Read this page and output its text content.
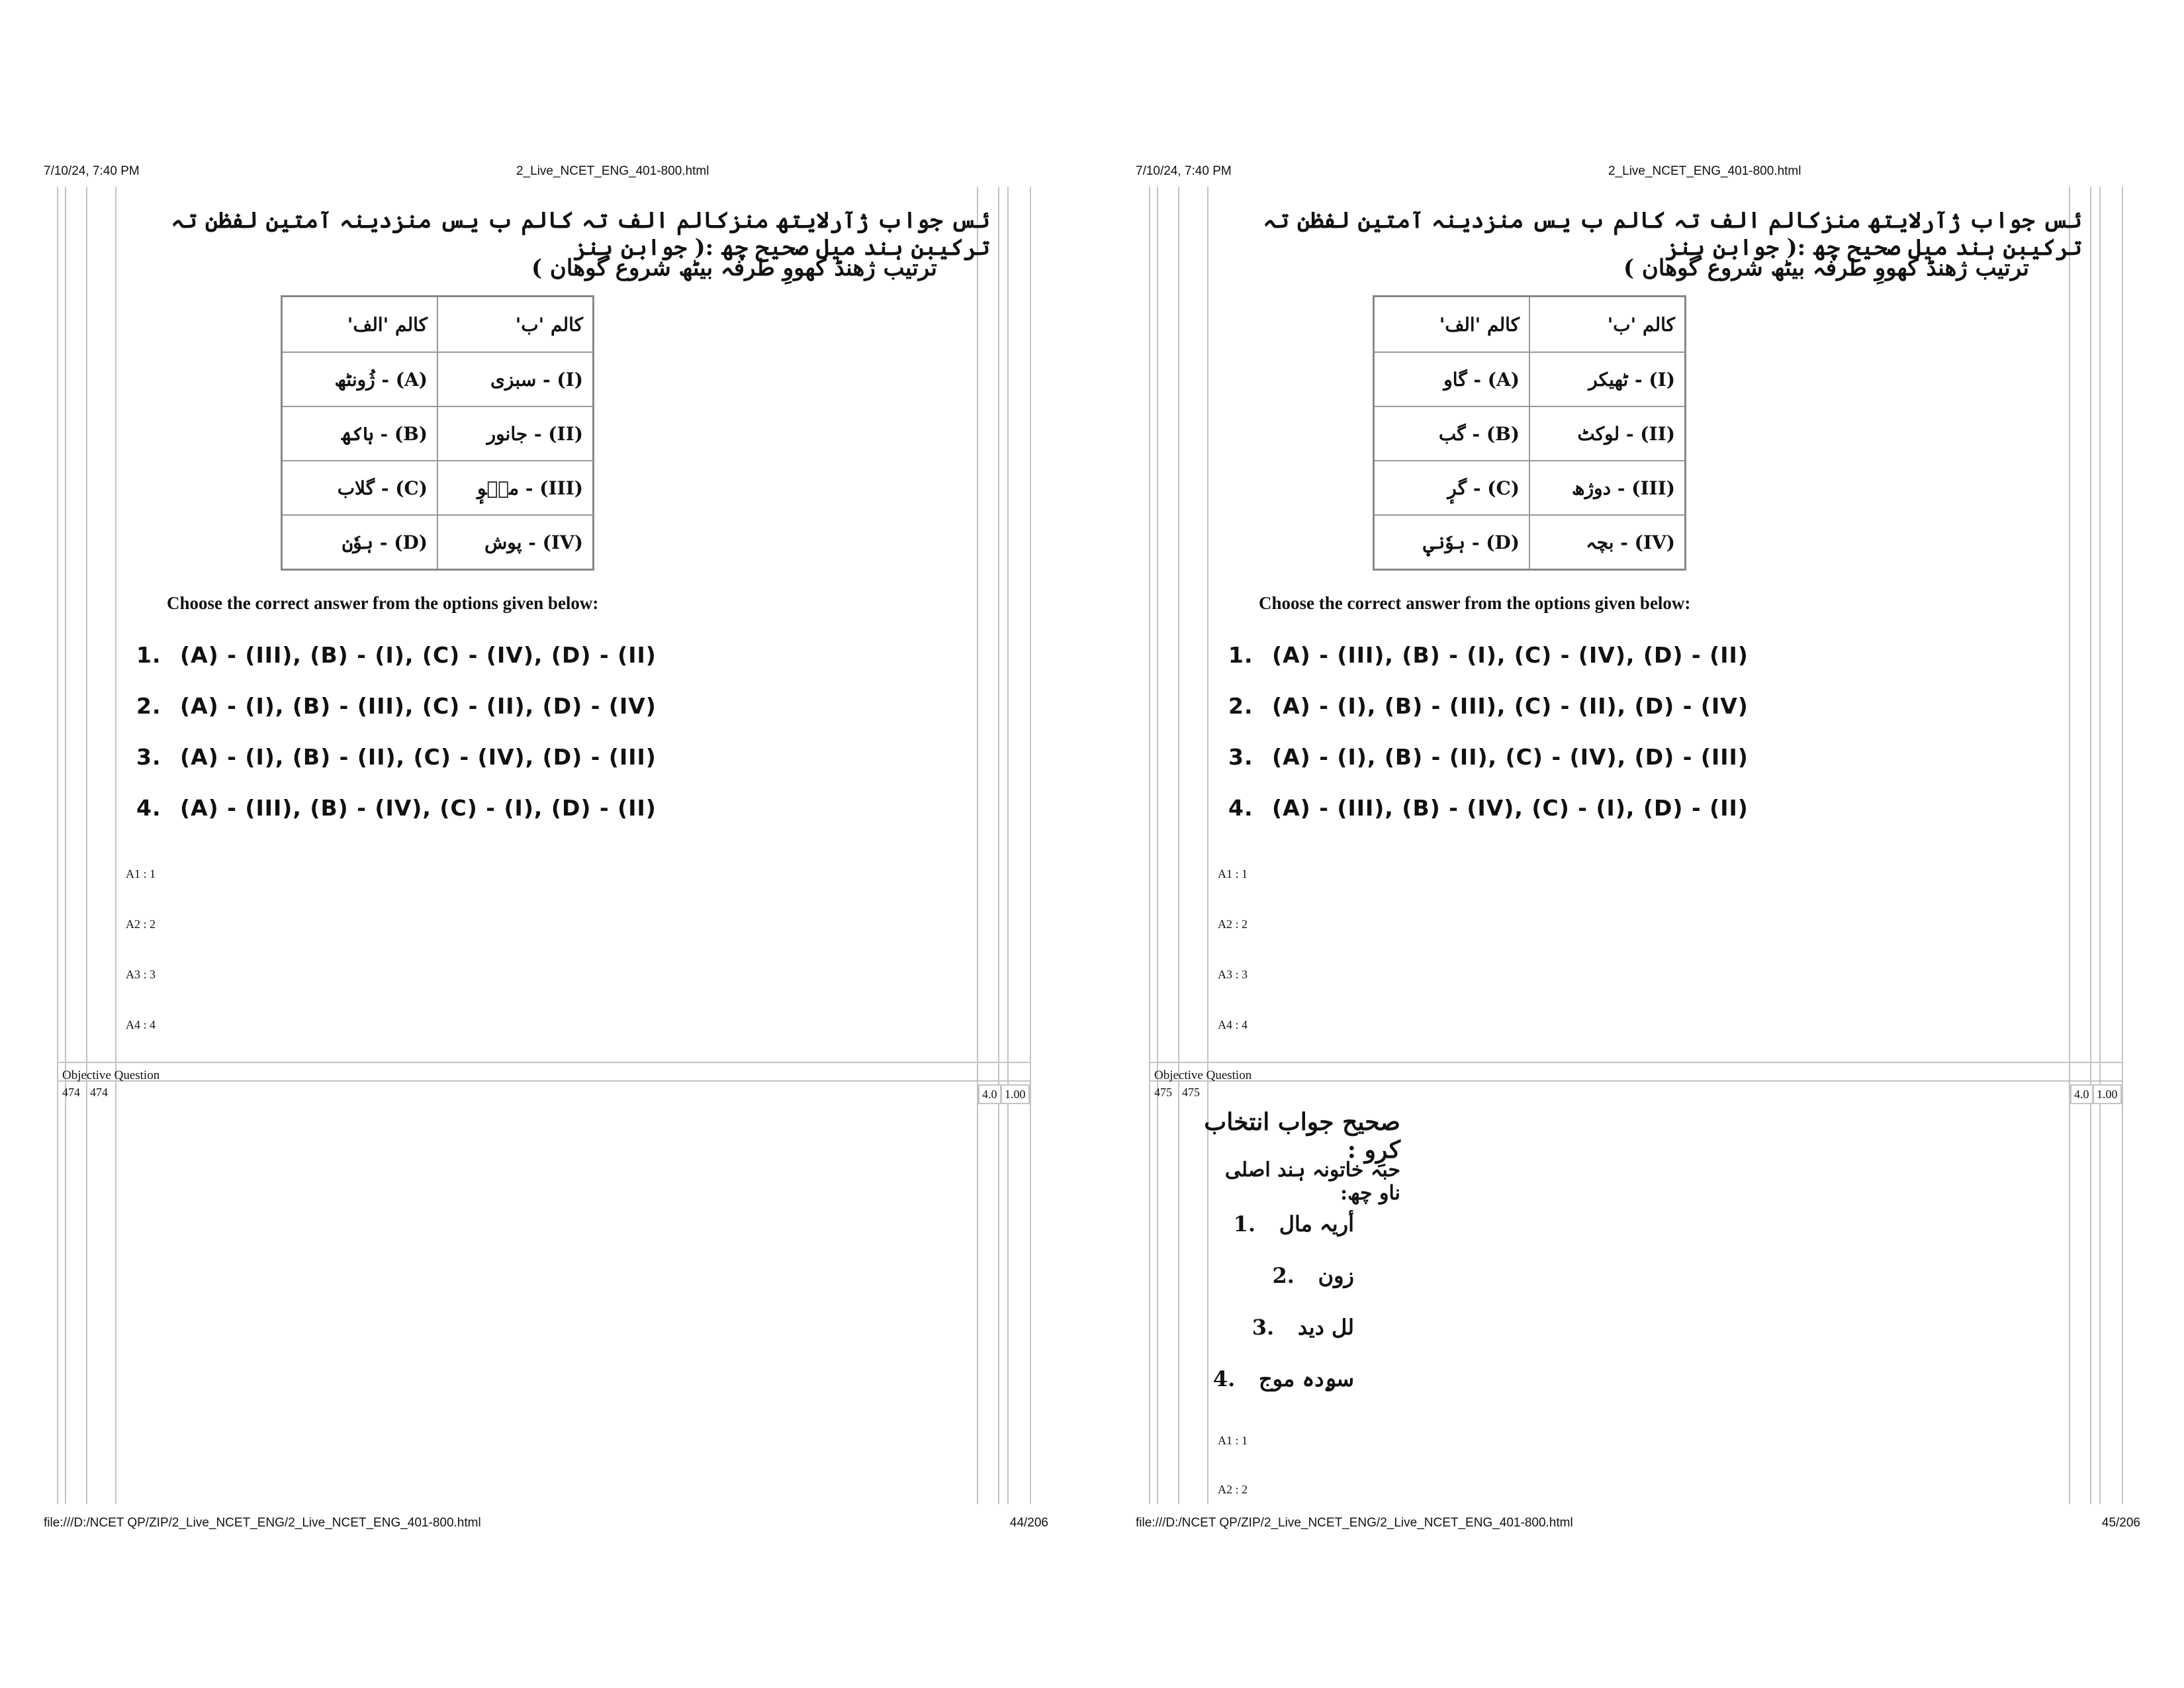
7/10/24, 7:40 PM	2_Live_NCET_ENG_401-800.html
ئس جواب ژآرلایتھ منزکالم الف تہ کالم ب یس منزدینہ آمتین لفظن تہ ترکیبن ہند میل صحیح چھ :( جوابن ہنز
ترتیب ژھنڈ کھووِ طرفہ بیٹھ شروع گوھان )
کالم 'الف'	کالم 'ب'
(A) - ژُونٹھ	(I) - سبزی
(B) - ہاکھ	(II) - جانور
(C) - گلاب	(III) - میٛوٕ
(D) - ہوٗن	(IV) - پوش
Choose the correct answer from the options given below:
1. (A) - (III), (B) - (I), (C) - (IV), (D) - (II)
2. (A) - (I), (B) - (III), (C) - (II), (D) - (IV)
3. (A) - (I), (B) - (II), (C) - (IV), (D) - (III)
4. (A) - (III), (B) - (IV), (C) - (I), (D) - (II)
A1 : 1
A2 : 2
A3 : 3
A4 : 4
Objective Question
474 474	4.0 1.00
file:///D:/NCET QP/ZIP/2_Live_NCET_ENG/2_Live_NCET_ENG_401-800.html	44/206
7/10/24, 7:40 PM	2_Live_NCET_ENG_401-800.html
ئس جواب ژآرلایتھ منزکالم الف تہ کالم ب یس منزدینہ آمتین لفظن تہ ترکیبن ہند میل صحیح چھ :( جوابن ہنز
ترتیب ژھنڈ کھووِ طرفہ بیٹھ شروع گوھان )
کالم 'الف'	کالم 'ب'
(A) - گاو	(I) - ٹھیکر
(B) - گب	(II) - لوکٹ
(C) - گرٕ	(III) - دوژھ
(D) - ہوٗنؠ	(IV) - بچہ
Choose the correct answer from the options given below:
1. (A) - (III), (B) - (I), (C) - (IV), (D) - (II)
2. (A) - (I), (B) - (III), (C) - (II), (D) - (IV)
3. (A) - (I), (B) - (II), (C) - (IV), (D) - (III)
4. (A) - (III), (B) - (IV), (C) - (I), (D) - (II)
A1 : 1
A2 : 2
A3 : 3
A4 : 4
Objective Question
475 475	4.0 1.00
صحیح جواب انتخاب کرِو :
حبہ خاتونہ ہند اصلی ناو چھ:
أریہ مال 1.
زون 2.
لل دید 3.
سۄدہ موج 4.
A1 : 1
A2 : 2
file:///D:/NCET QP/ZIP/2_Live_NCET_ENG/2_Live_NCET_ENG_401-800.html	45/206
